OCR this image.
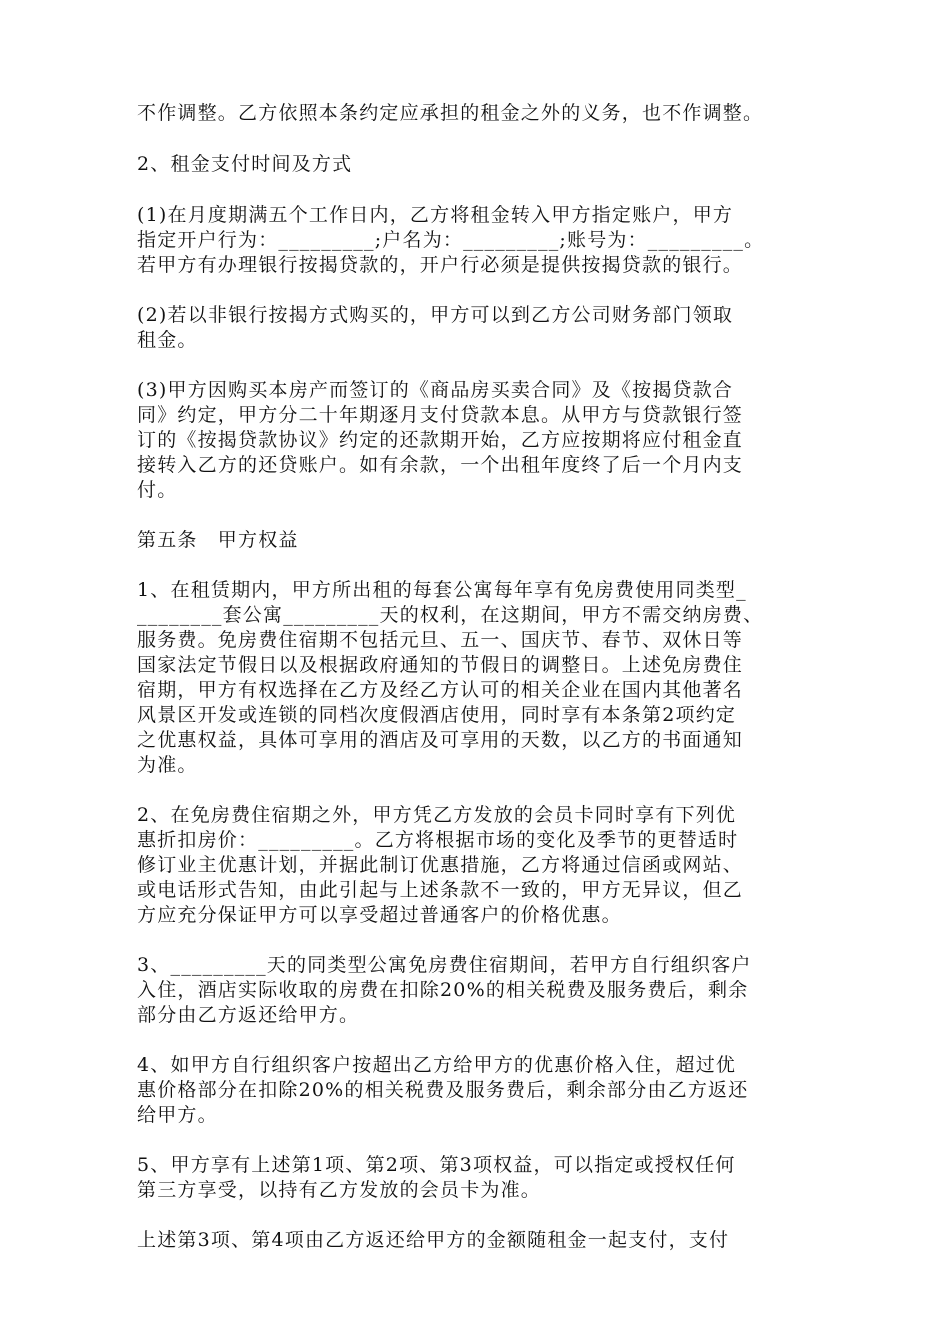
不作调整。乙方依照本条约定应承担的租金之外的义务，也不作调整。

2、租金支付时间及方式

(1)在月度期满五个工作日内，乙方将租金转入甲方指定账户，甲方

指定开户行为：_________;户名为：_________;账号为：_________。

若甲方有办理银行按揭贷款的，开户行必须是提供按揭贷款的银行。

(2)若以非银行按揭方式购买的，甲方可以到乙方公司财务部门领取

租金。

(3)甲方因购买本房产而签订的《商品房买卖合同》及《按揭贷款合

同》约定，甲方分二十年期逐月支付贷款本息。从甲方与贷款银行签

订的《按揭贷款协议》约定的还款期开始，乙方应按期将应付租金直

接转入乙方的还贷账户。如有余款，一个出租年度终了后一个月内支

付。

第五条　甲方权益

1、在租赁期内，甲方所出租的每套公寓每年享有免房费使用同类型_

________套公寓_________天的权利，在这期间，甲方不需交纳房费、

服务费。免房费住宿期不包括元旦、五一、国庆节、春节、双休日等

国家法定节假日以及根据政府通知的节假日的调整日。上述免房费住

宿期，甲方有权选择在乙方及经乙方认可的相关企业在国内其他著名

风景区开发或连锁的同档次度假酒店使用，同时享有本条第2项约定

之优惠权益，具体可享用的酒店及可享用的天数，以乙方的书面通知

为准。

2、在免房费住宿期之外，甲方凭乙方发放的会员卡同时享有下列优

惠折扣房价：_________。乙方将根据市场的变化及季节的更替适时

修订业主优惠计划，并据此制订优惠措施，乙方将通过信函或网站、

或电话形式告知，由此引起与上述条款不一致的，甲方无异议，但乙

方应充分保证甲方可以享受超过普通客户的价格优惠。

3、_________天的同类型公寓免房费住宿期间，若甲方自行组织客户

入住，酒店实际收取的房费在扣除20%的相关税费及服务费后，剩余

部分由乙方返还给甲方。

4、如甲方自行组织客户按超出乙方给甲方的优惠价格入住，超过优

惠价格部分在扣除20%的相关税费及服务费后，剩余部分由乙方返还

给甲方。

5、甲方享有上述第1项、第2项、第3项权益，可以指定或授权任何

第三方享受，以持有乙方发放的会员卡为准。

上述第3项、第4项由乙方返还给甲方的金额随租金一起支付，支付
